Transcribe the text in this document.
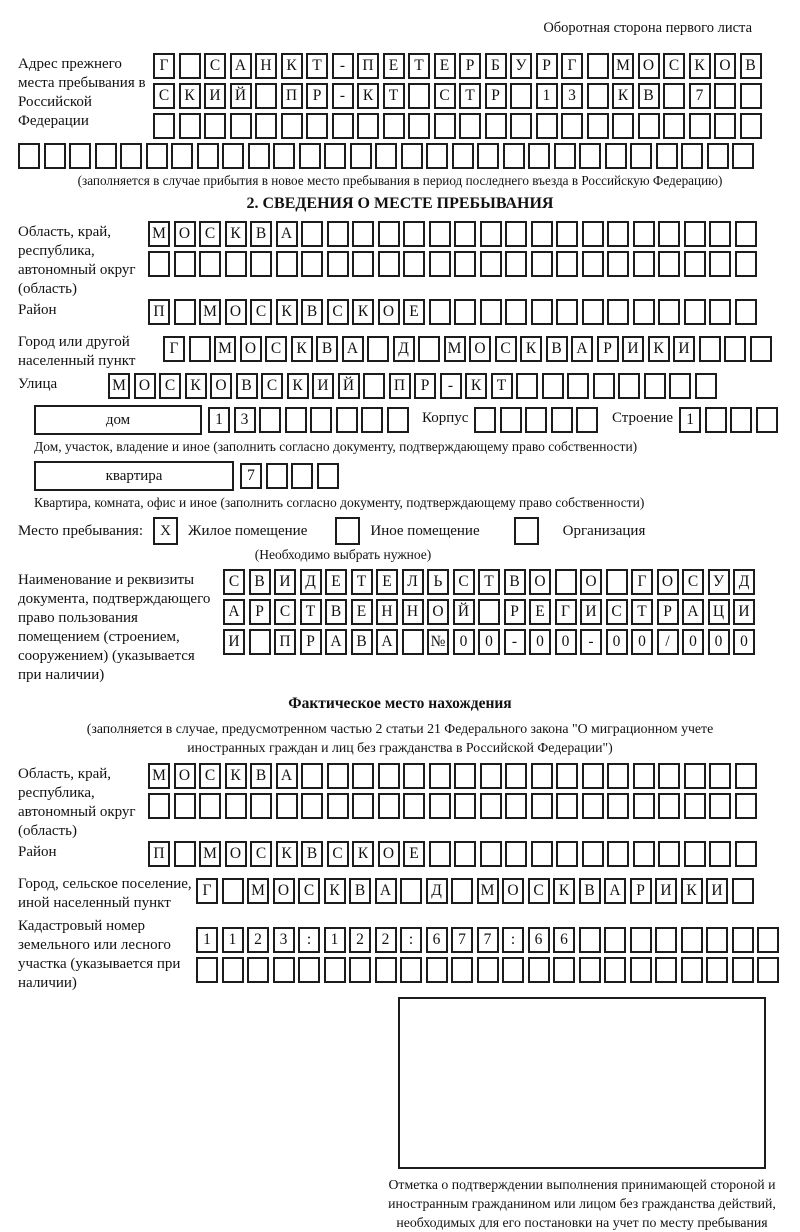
Оборотная сторона первого листа
Адрес прежнего места пребывания в Российской Федерации
Г	С А Н К	Т	-	П Е	Т	Е	Р	Б	У	Р	Г	М О С К О В
С К И Й	П	Р	-	К	Т	С	Т	Р	1	3	К В	7
(заполняется в случае прибытия в новое место пребывания в период последнего въезда в Российскую Федерацию)
2. СВЕДЕНИЯ О МЕСТЕ ПРЕБЫВАНИЯ
Область, край, республика, автономный округ (область)
М О С К В А
Район	П	М О С К В С К О Е
Город или другой населенный пункт
Г	М О С К В А	Д	М О С К В А	Р	И К И
Улица	М О С К О В С К И Й	П	Р	-	К	Т
дом	1	3	Корпус	Строение 1
Дом, участок, владение и иное (заполнить согласно документу, подтверждающему право собственности)
квартира	7
Квартира, комната, офис и иное (заполнить согласно документу, подтверждающему право собственности)
Место пребывания:	X	Жилое помещение	Иное помещение	Организация
(Необходимо выбрать нужное)
Наименование и реквизиты документа, подтверждающего право пользования помещением (строением, сооружением) (указывается при наличии)
С В И Д Е	Т	Е	Л	Ь	С	Т	В О	О	Г О С У Д
А	Р	С	Т	В	Е Н Н О Й	Р	Е	Г И С	Т	Р	А Ц И
И	П	Р	А В А	№ 0	0	-	0	0	-	0	0	/	0	0	0
Фактическое место нахождения
(заполняется в случае, предусмотренном частью 2 статьи 21 Федерального закона "О миграционном учете иностранных граждан и лиц без гражданства в Российской Федерации")
Область, край, республика, автономный округ (область)
М О С К В А
Район	П	М О С К В С К О Е
Город, сельское поселение, иной населенный пункт
Г	М О С К В А	Д	М О С К В А	Р	И К И
Кадастровый номер земельного или лесного участка (указывается при наличии)
1	1	2	3	:	1	2	2	:	6	7	7	:	6	6
Отметка о подтверждении выполнения принимающей стороной и иностранным гражданином или лицом без гражданства действий, необходимых для его постановки на учет по месту пребывания
